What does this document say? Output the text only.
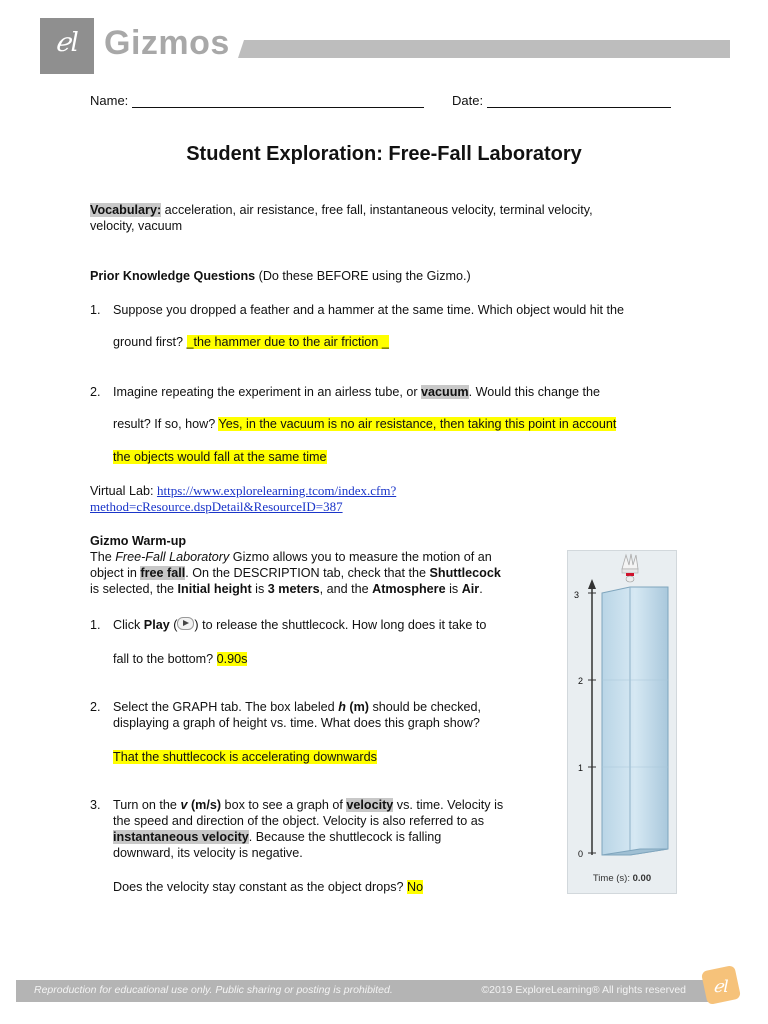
ℯl Gizmos
Name:	Date:
Student Exploration: Free-Fall Laboratory
Vocabulary: acceleration, air resistance, free fall, instantaneous velocity, terminal velocity,
velocity, vacuum
Prior Knowledge Questions (Do these BEFORE using the Gizmo.)
1. Suppose you dropped a feather and a hammer at the same time. Which object would hit the
ground first? _the hammer due to the air friction _
2. Imagine repeating the experiment in an airless tube, or vacuum. Would this change the
result? If so, how? Yes, in the vacuum is no air resistance, then taking this point in account
the objects would fall at the same time
Virtual Lab: https://www.explorelearning.tcom/index.cfm?
method=cResource.dspDetail&ResourceID=387
Gizmo Warm-up
The Free-Fall Laboratory Gizmo allows you to measure the motion of an
object in free fall. On the DESCRIPTION tab, check that the Shuttlecock
is selected, the Initial height is 3 meters, and the Atmosphere is Air.
1. Click Play ( ) to release the shuttlecock. How long does it take to
fall to the bottom? 0.90s
2. Select the GRAPH tab. The box labeled h (m) should be checked,
displaying a graph of height vs. time. What does this graph show?
That the shuttlecock is accelerating downwards
3. Turn on the v (m/s) box to see a graph of velocity vs. time. Velocity is
the speed and direction of the object. Velocity is also referred to as
instantaneous velocity. Because the shuttlecock is falling
downward, its velocity is negative.
Does the velocity stay constant as the object drops? No
3
2
1
0
Time (s): 0.00
Reproduction for educational use only. Public sharing or posting is prohibited.	©2019 ExploreLearning® All rights reserved ℯl
